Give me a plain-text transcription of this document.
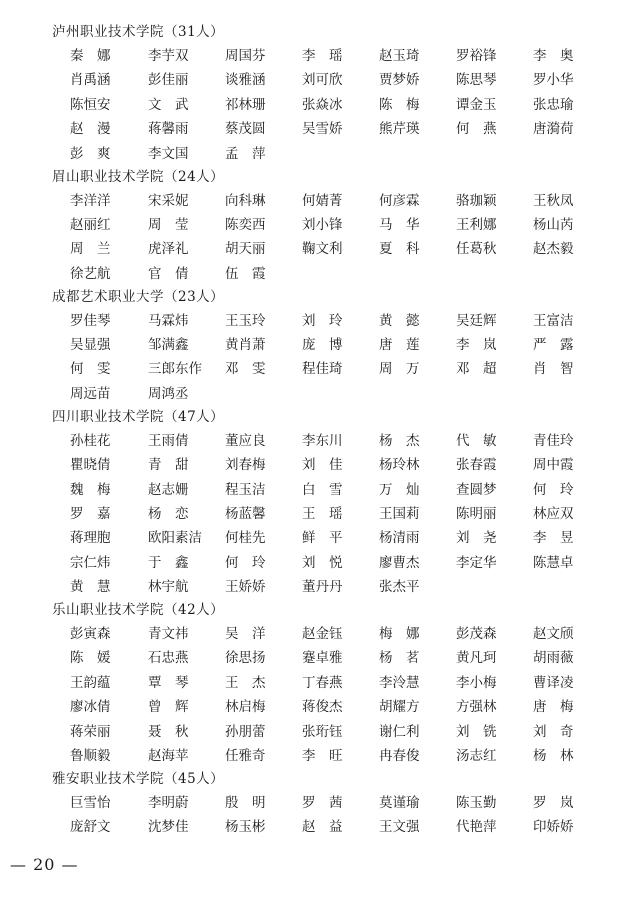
泸州职业技术学院（31人）
秦　娜	李芋双	周国芬	李　瑶	赵玉琦	罗裕锋	李　奥
肖禹涵	彭佳丽	谈雅涵	刘可欣	贾梦娇	陈思琴	罗小华
陈恒安	文　武	祁林珊	张焱冰	陈　梅	谭金玉	张忠瑜
赵　漫	蒋馨雨	蔡茂圆	吴雪娇	熊芹瑛	何　燕	唐漪荷
彭　爽	李文国	孟　萍
眉山职业技术学院（24人）
李洋洋	宋采妮	向科琳	何婧菁	何彦霖	骆珈颖	王秋凤
赵丽红	周　莹	陈奕西	刘小锋	马　华	王利娜	杨山芮
周　兰	虎泽礼	胡天丽	鞠文利	夏　科	任葛秋	赵杰毅
徐艺航	官　倩	伍　霞
成都艺术职业大学（23人）
罗佳琴	马霖炜	王玉玲	刘　玲	黄　懿	吴廷辉	王富洁
吴显强	邹满鑫	黄肖萧	庞　博	唐　莲	李　岚	严　露
何　雯	三郎东作	邓　雯	程佳琦	周　万	邓　超	肖　智
周远苗	周鸿丞
四川职业技术学院（47人）
孙桂花	王雨倩	董应良	李东川	杨　杰	代　敏	青佳玲
瞿晓倩	青　甜	刘春梅	刘　佳	杨玲林	张春霞	周中霞
魏　梅	赵志姗	程玉洁	白　雪	万　灿	查圆梦	何　玲
罗　嘉	杨　恋	杨蓝馨	王　瑶	王国莉	陈明丽	林应双
蒋理胞	欧阳素洁	何桂先	鲜　平	杨清雨	刘　尧	李　昱
宗仁炜	于　鑫	何　玲	刘　悦	廖曹杰	李定华	陈慧卓
黄　慧	林宇航	王娇娇	董丹丹	张杰平
乐山职业技术学院（42人）
彭寅森	青文祎	吴　洋	赵金钰	梅　娜	彭茂森	赵文颀
陈　媛	石忠燕	徐思扬	蹇卓雅	杨　茗	黄凡珂	胡雨薇
王韵蕴	覃　琴	王　杰	丁春燕	李泠慧	李小梅	曹译凌
廖冰倩	曾　辉	林启梅	蒋俊杰	胡耀方	方强林	唐　梅
蒋荣丽	聂　秋	孙朋蕾	张珩钰	谢仁利	刘　铣	刘　奇
鲁顺毅	赵海苹	任雅奇	李　旺	冉春俊	汤志红	杨　林
雅安职业技术学院（45人）
巨雪怡	李明蔚	殷　明	罗　茜	莫谨瑜	陈玉勤	罗　岚
庞舒文	沈梦佳	杨玉彬	赵　益	王文强	代艳萍	印娇娇
— 20 —
